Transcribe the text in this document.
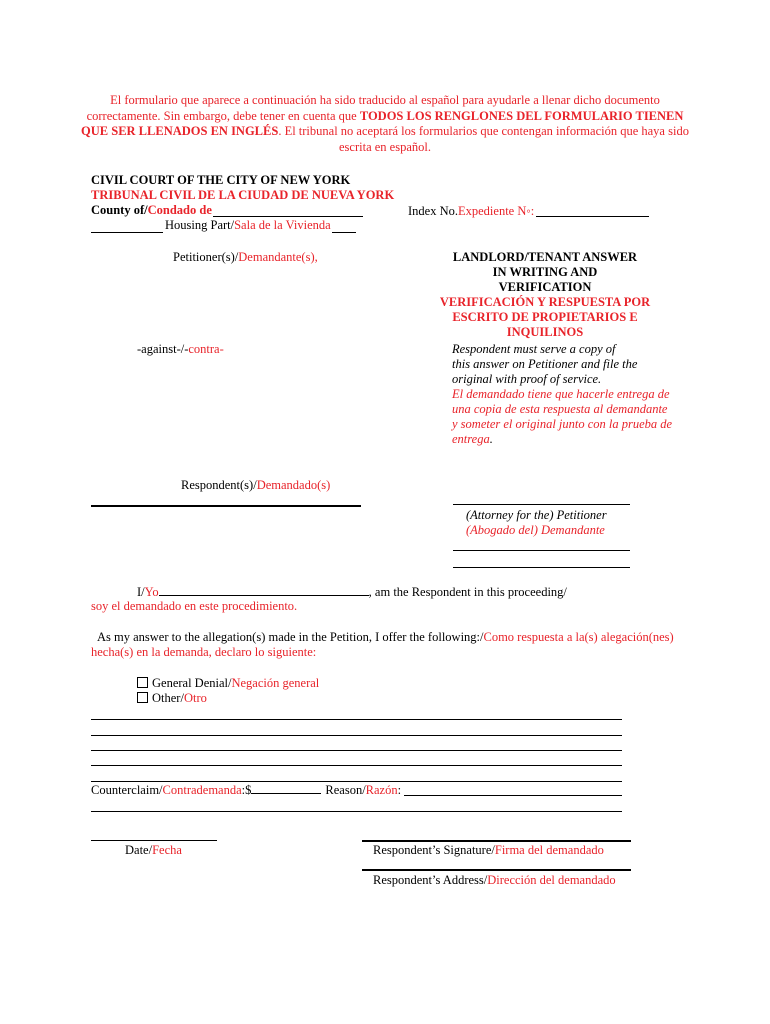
El formulario que aparece a continuación ha sido traducido al español para ayudarle a llenar dicho documento correctamente. Sin embargo, debe tener en cuenta que TODOS LOS RENGLONES DEL FORMULARIO TIENEN QUE SER LLENADOS EN INGLÉS. El tribunal no aceptará los formularios que contengan información que haya sido escrita en español.
CIVIL COURT OF THE CITY OF NEW YORK
TRIBUNAL CIVIL DE LA CIUDAD DE NUEVA YORK
County of/Condado de
Housing Part/Sala de la Vivienda
Index No.Expediente N◦:
Petitioner(s)/Demandante(s),
-against-/-contra-
Respondent(s)/Demandado(s)
LANDLORD/TENANT ANSWER
IN WRITING AND
VERIFICATION
VERIFICACIÓN Y RESPUESTA POR
ESCRITO DE PROPIETARIOS E
INQUILINOS
Respondent must serve a copy of
this answer on Petitioner and file the
original with proof of service.
El demandado tiene que hacerle entrega de
una copia de esta respuesta al demandante
y someter el original junto con la prueba de
entrega.
(Attorney for the) Petitioner
(Abogado del) Demandante
I/Yo	, am the Respondent in this proceeding/
soy el demandado en este procedimiento.
As my answer to the allegation(s) made in the Petition, I offer the following:/Como respuesta a la(s) alegación(nes)
hecha(s) en la demanda, declaro lo siguiente:
General Denial/Negación general
Other/Otro
Counterclaim/Contrademanda:$	Reason/Razón:
Date/Fecha	Respondent’s Signature/Firma del demandado
Respondent’s Address/Dirección del demandado
